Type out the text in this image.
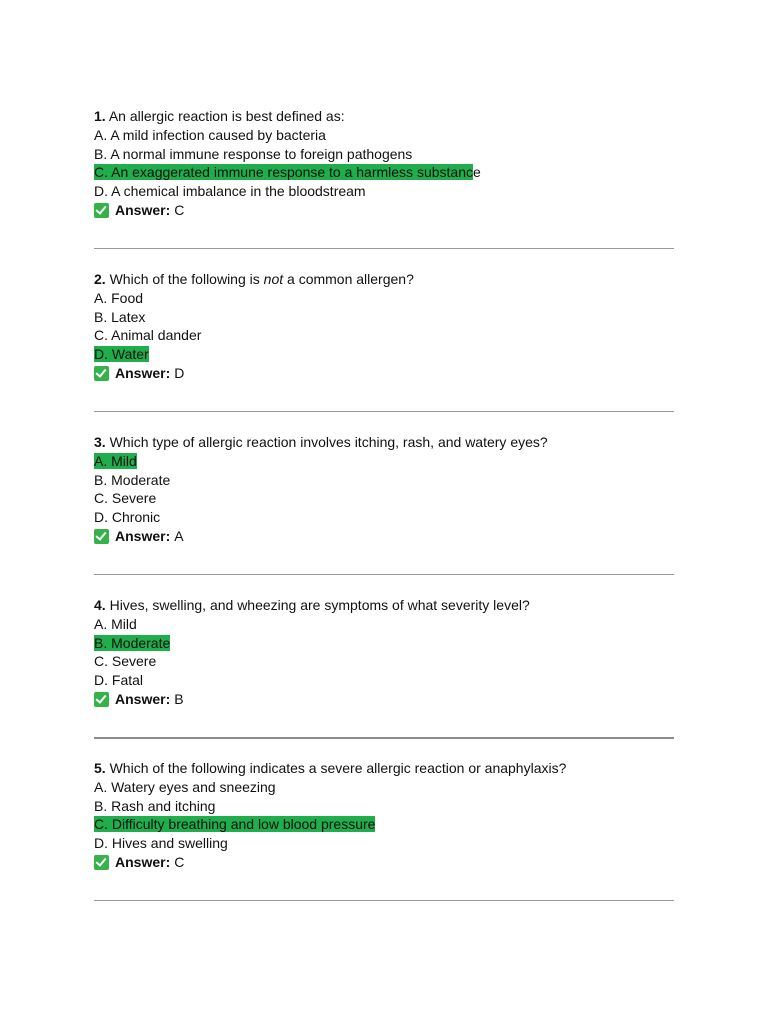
1. An allergic reaction is best defined as:
A. A mild infection caused by bacteria
B. A normal immune response to foreign pathogens
C. An exaggerated immune response to a harmless substance
D. A chemical imbalance in the bloodstream
Answer: C
2. Which of the following is not a common allergen?
A. Food
B. Latex
C. Animal dander
D. Water
Answer: D
3. Which type of allergic reaction involves itching, rash, and watery eyes?
A. Mild
B. Moderate
C. Severe
D. Chronic
Answer: A
4. Hives, swelling, and wheezing are symptoms of what severity level?
A. Mild
B. Moderate
C. Severe
D. Fatal
Answer: B
5. Which of the following indicates a severe allergic reaction or anaphylaxis?
A. Watery eyes and sneezing
B. Rash and itching
C. Difficulty breathing and low blood pressure
D. Hives and swelling
Answer: C
